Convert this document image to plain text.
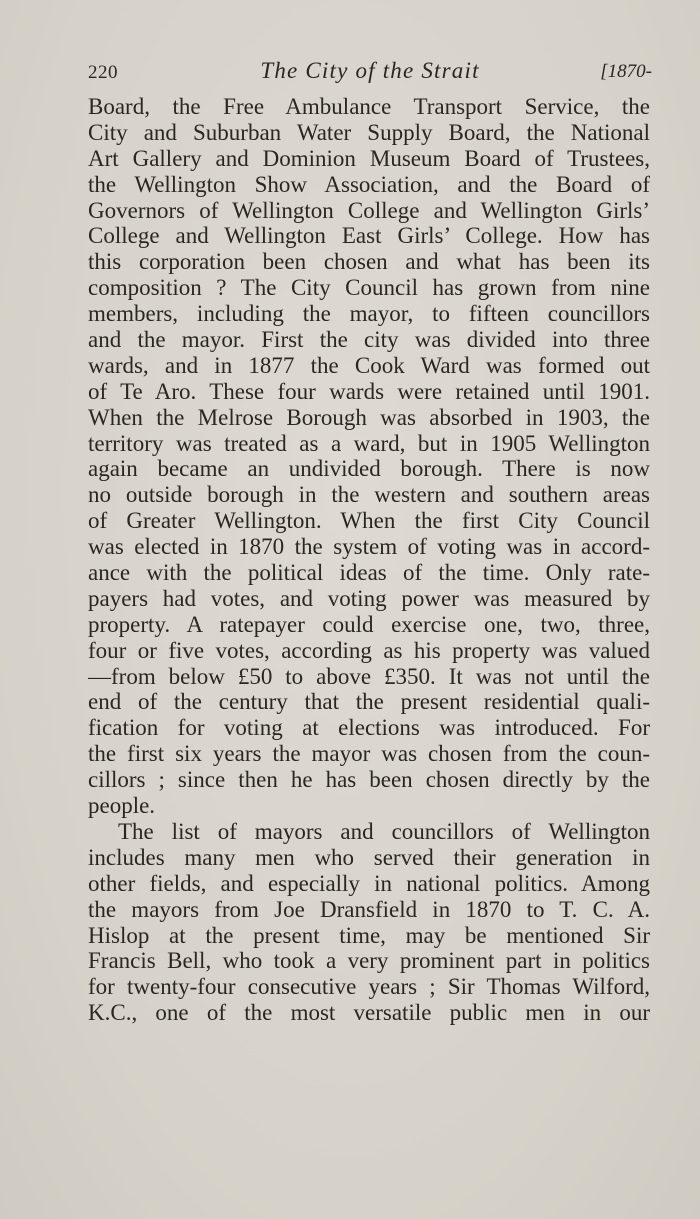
220	The City of the Strait	[1870-
Board, the Free Ambulance Transport Service, the
City and Suburban Water Supply Board, the National
Art Gallery and Dominion Museum Board of Trustees,
the Wellington Show Association, and the Board of
Governors of Wellington College and Wellington Girls’
College and Wellington East Girls’ College. How has
this corporation been chosen and what has been its
composition ? The City Council has grown from nine
members, including the mayor, to fifteen councillors
and the mayor. First the city was divided into three
wards, and in 1877 the Cook Ward was formed out
of Te Aro. These four wards were retained until 1901.
When the Melrose Borough was absorbed in 1903, the
territory was treated as a ward, but in 1905 Wellington
again became an undivided borough. There is now
no outside borough in the western and southern areas
of Greater Wellington. When the first City Council
was elected in 1870 the system of voting was in accord-
ance with the political ideas of the time. Only rate-
payers had votes, and voting power was measured by
property. A ratepayer could exercise one, two, three,
four or five votes, according as his property was valued
—from below £50 to above £350. It was not until the
end of the century that the present residential quali-
fication for voting at elections was introduced. For
the first six years the mayor was chosen from the coun-
cillors ; since then he has been chosen directly by the
people.
The list of mayors and councillors of Wellington
includes many men who served their generation in
other fields, and especially in national politics. Among
the mayors from Joe Dransfield in 1870 to T. C. A.
Hislop at the present time, may be mentioned Sir
Francis Bell, who took a very prominent part in politics
for twenty-four consecutive years ; Sir Thomas Wilford,
K.C., one of the most versatile public men in our
